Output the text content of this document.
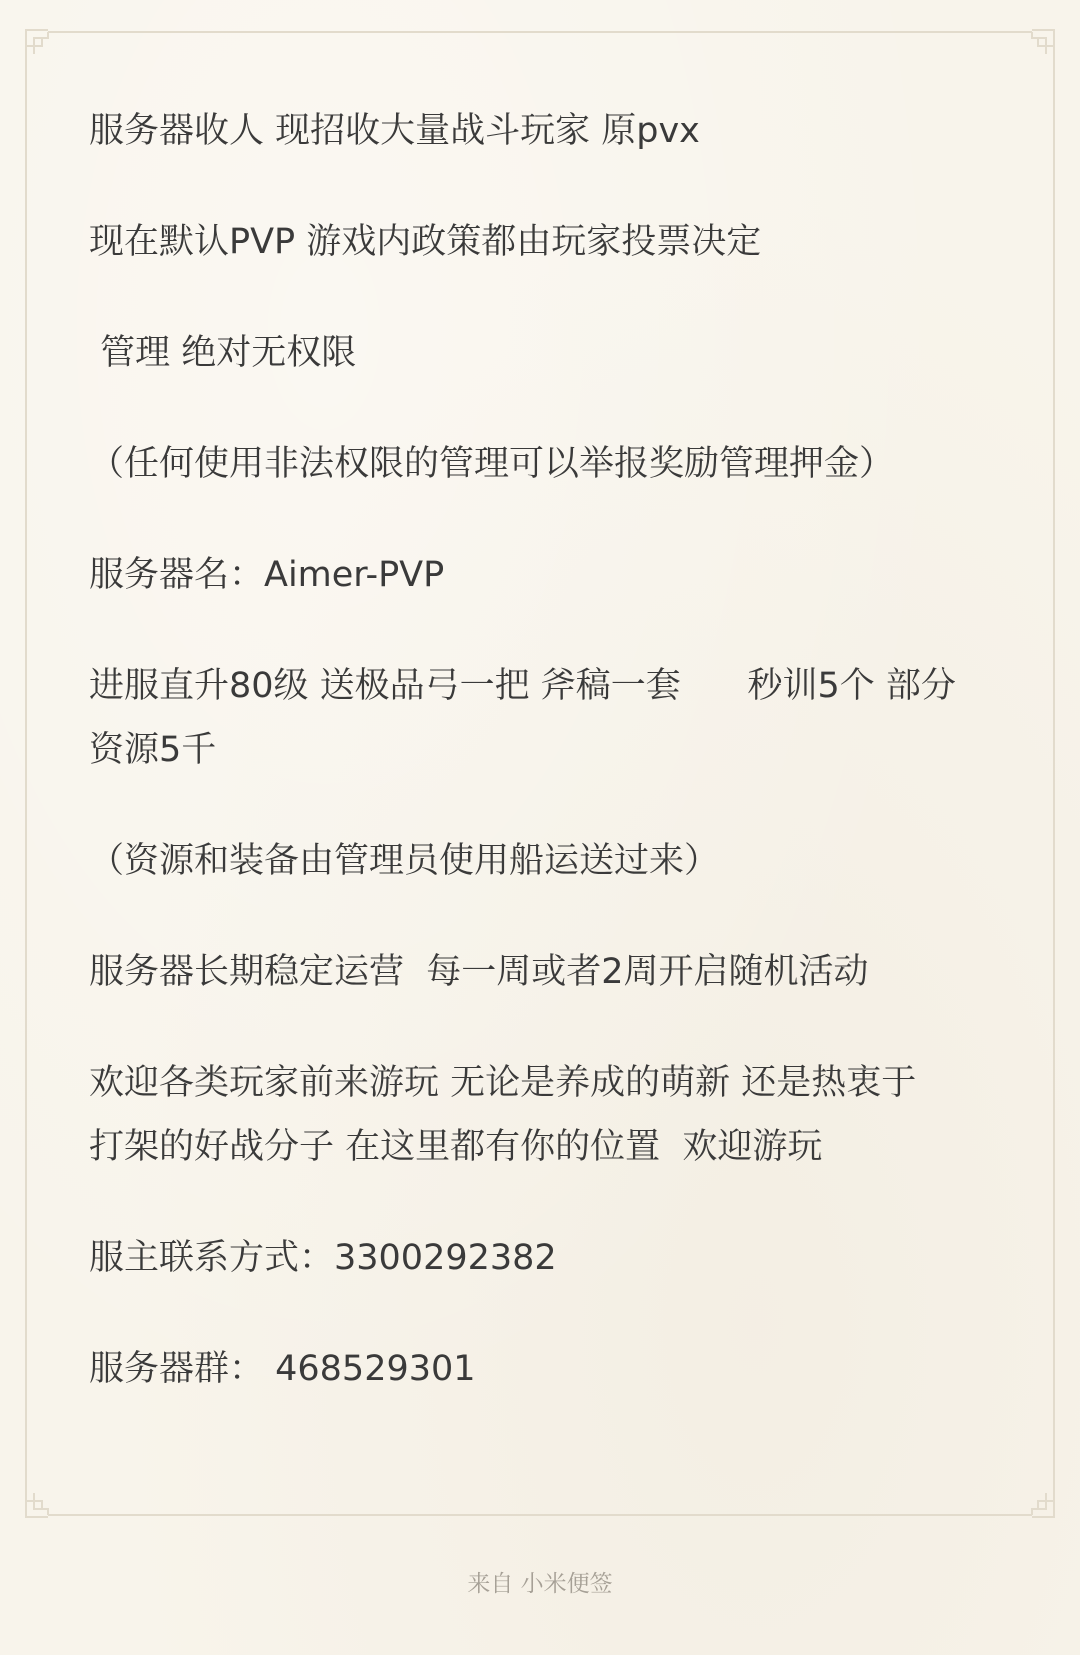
服务器收人 现招收大量战斗玩家 原pvx
现在默认PVP 游戏内政策都由玩家投票决定
管理 绝对无权限
（任何使用非法权限的管理可以举报奖励管理押金）
服务器名：Aimer-PVP
进服直升80级 送极品弓一把 斧稿一套      秒训5个 部分
资源5千
（资源和装备由管理员使用船运送过来）
服务器长期稳定运营  每一周或者2周开启随机活动
欢迎各类玩家前来游玩 无论是养成的萌新 还是热衷于
打架的好战分子 在这里都有你的位置  欢迎游玩
服主联系方式：3300292382
服务器群： 468529301
来自 小米便签
